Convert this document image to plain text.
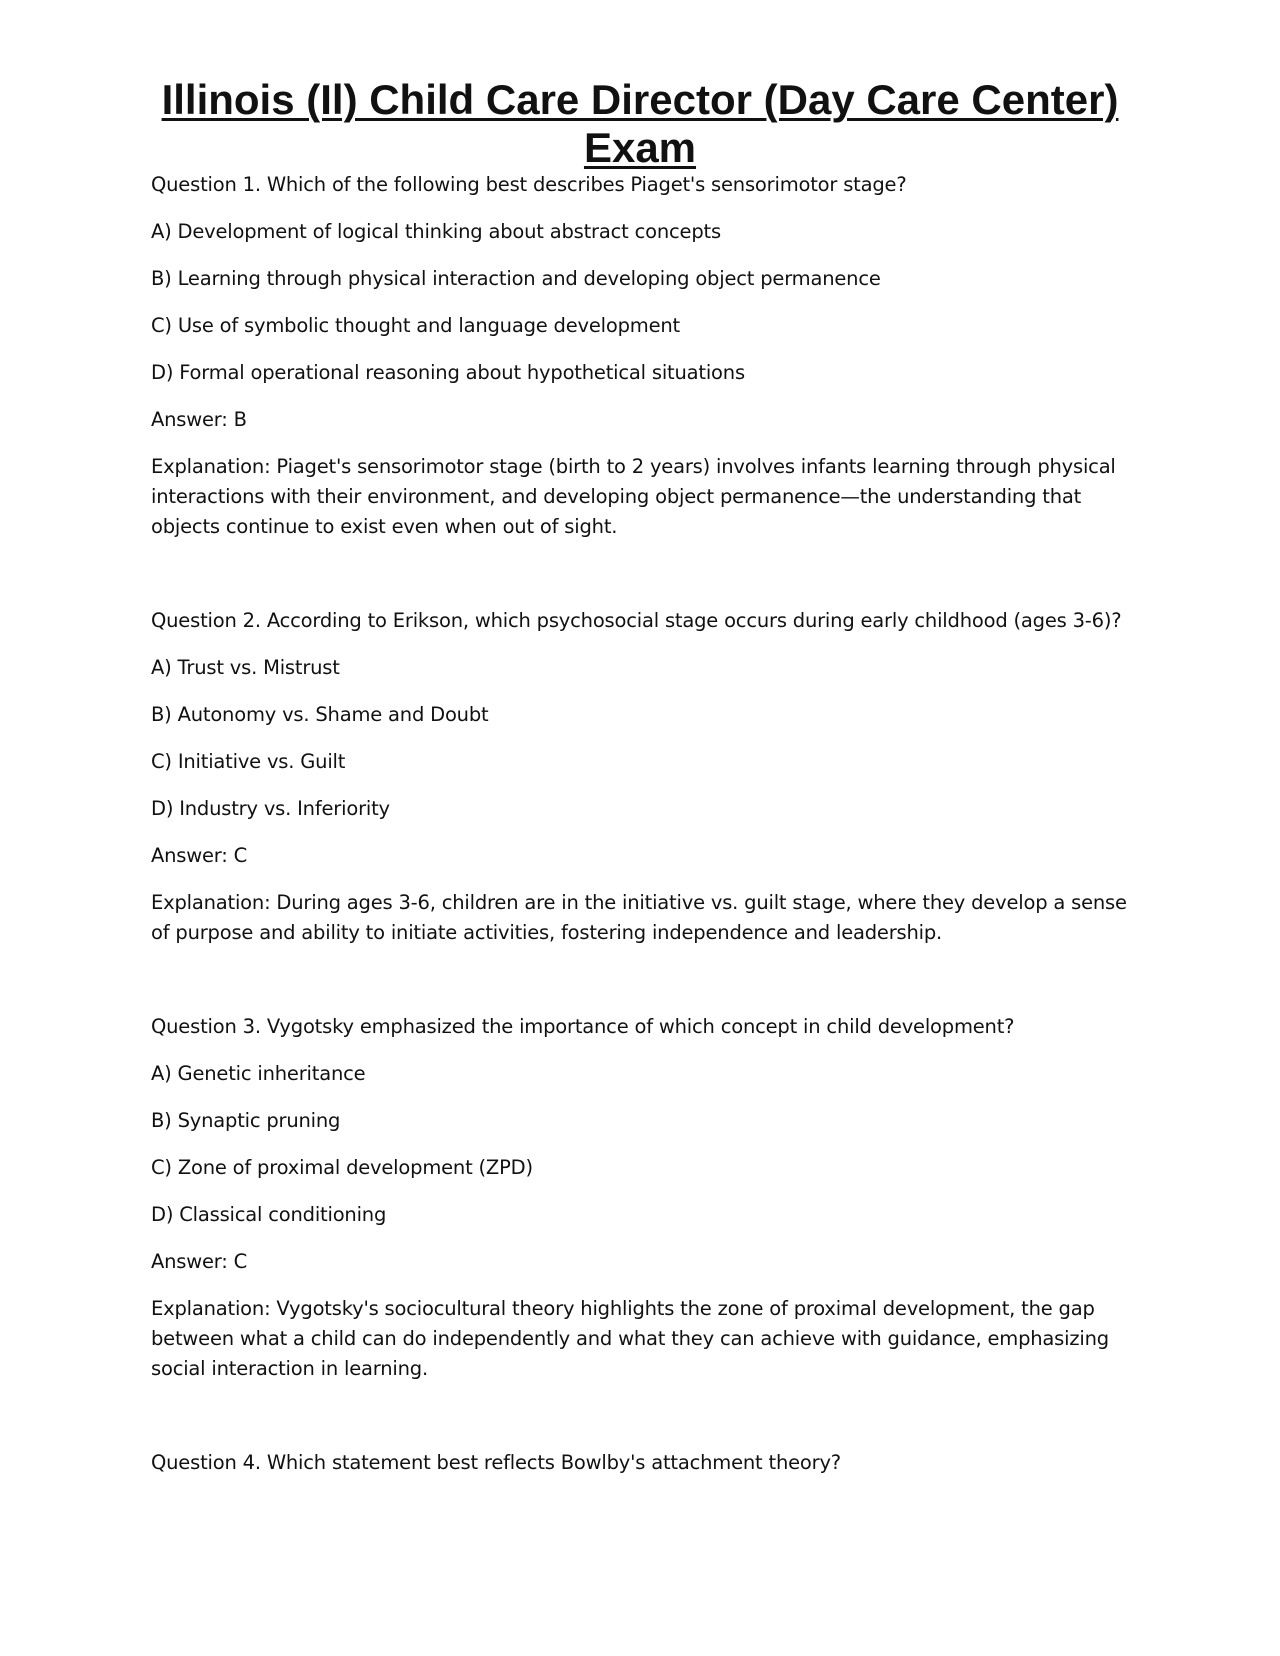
Illinois (Il) Child Care Director (Day Care Center)
Exam

Question 1. Which of the following best describes Piaget's sensorimotor stage?

A) Development of logical thinking about abstract concepts

B) Learning through physical interaction and developing object permanence

C) Use of symbolic thought and language development

D) Formal operational reasoning about hypothetical situations

Answer: B

Explanation: Piaget's sensorimotor stage (birth to 2 years) involves infants learning through physical interactions with their environment, and developing object permanence—the understanding that objects continue to exist even when out of sight.

Question 2. According to Erikson, which psychosocial stage occurs during early childhood (ages 3-6)?

A) Trust vs. Mistrust

B) Autonomy vs. Shame and Doubt

C) Initiative vs. Guilt

D) Industry vs. Inferiority

Answer: C

Explanation: During ages 3-6, children are in the initiative vs. guilt stage, where they develop a sense of purpose and ability to initiate activities, fostering independence and leadership.

Question 3. Vygotsky emphasized the importance of which concept in child development?

A) Genetic inheritance

B) Synaptic pruning

C) Zone of proximal development (ZPD)

D) Classical conditioning

Answer: C

Explanation: Vygotsky's sociocultural theory highlights the zone of proximal development, the gap between what a child can do independently and what they can achieve with guidance, emphasizing social interaction in learning.

Question 4. Which statement best reflects Bowlby's attachment theory?
